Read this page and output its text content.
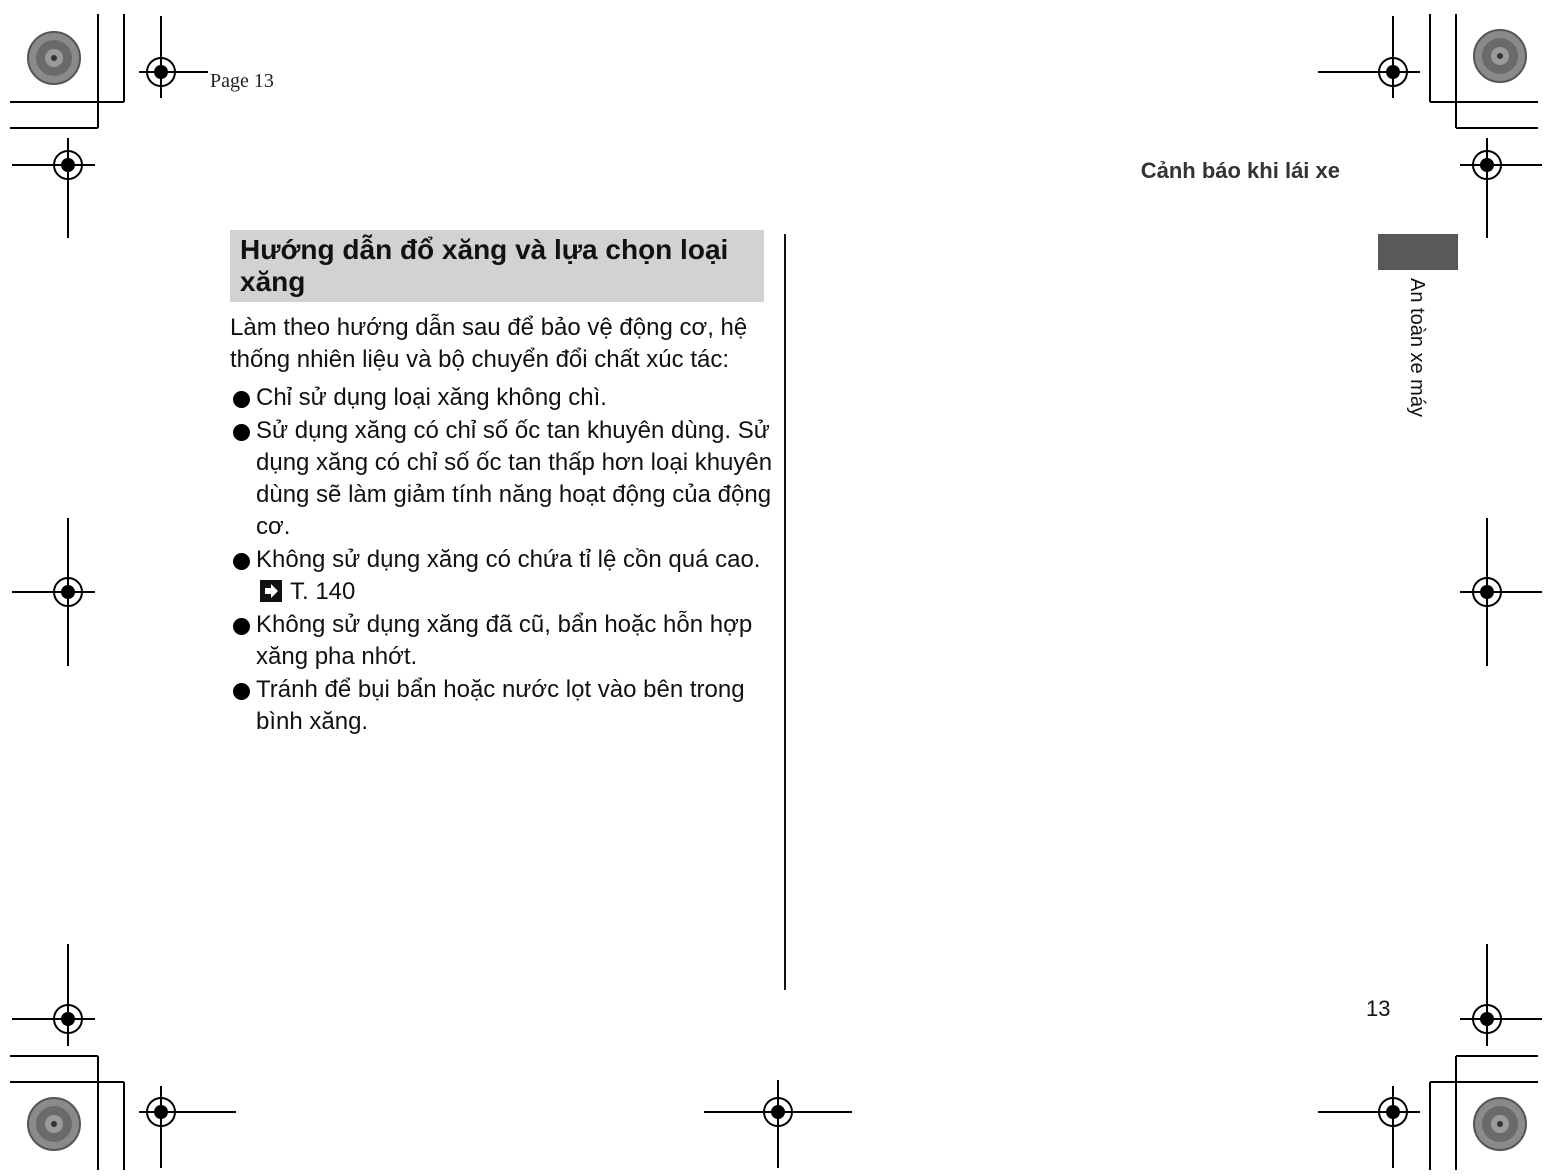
Page 13
Cảnh báo khi lái xe
An toàn xe máy
Hướng dẫn đổ xăng và lựa chọn loại xăng

Làm theo hướng dẫn sau để bảo vệ động cơ, hệ thống nhiên liệu và bộ chuyển đổi chất xúc tác:

Chỉ sử dụng loại xăng không chì.
Sử dụng xăng có chỉ số ốc tan khuyên dùng. Sử dụng xăng có chỉ số ốc tan thấp hơn loại khuyên dùng sẽ làm giảm tính năng hoạt động của động cơ.
Không sử dụng xăng có chứa tỉ lệ cồn quá cao.
T. 140
Không sử dụng xăng đã cũ, bẩn hoặc hỗn hợp xăng pha nhớt.
Tránh để bụi bẩn hoặc nước lọt vào bên trong bình xăng.
13
